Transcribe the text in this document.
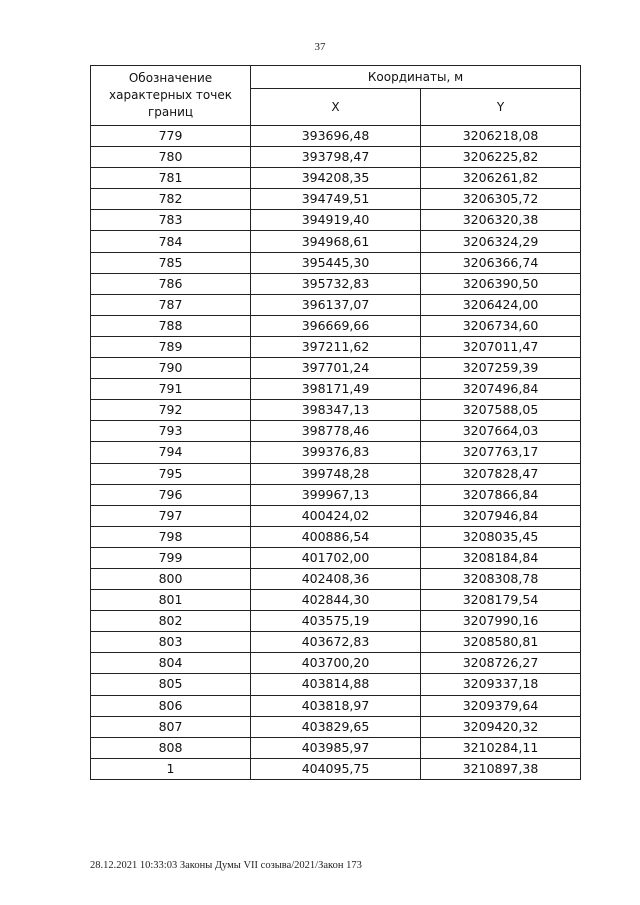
37
Обозначение характерных точек границ	Координаты, м	
	X	Y
779	393696,48	3206218,08
780	393798,47	3206225,82
781	394208,35	3206261,82
782	394749,51	3206305,72
783	394919,40	3206320,38
784	394968,61	3206324,29
785	395445,30	3206366,74
786	395732,83	3206390,50
787	396137,07	3206424,00
788	396669,66	3206734,60
789	397211,62	3207011,47
790	397701,24	3207259,39
791	398171,49	3207496,84
792	398347,13	3207588,05
793	398778,46	3207664,03
794	399376,83	3207763,17
795	399748,28	3207828,47
796	399967,13	3207866,84
797	400424,02	3207946,84
798	400886,54	3208035,45
799	401702,00	3208184,84
800	402408,36	3208308,78
801	402844,30	3208179,54
802	403575,19	3207990,16
803	403672,83	3208580,81
804	403700,20	3208726,27
805	403814,88	3209337,18
806	403818,97	3209379,64
807	403829,65	3209420,32
808	403985,97	3210284,11
1	404095,75	3210897,38
28.12.2021 10:33:03 Законы Думы VII созыва/2021/Закон 173
